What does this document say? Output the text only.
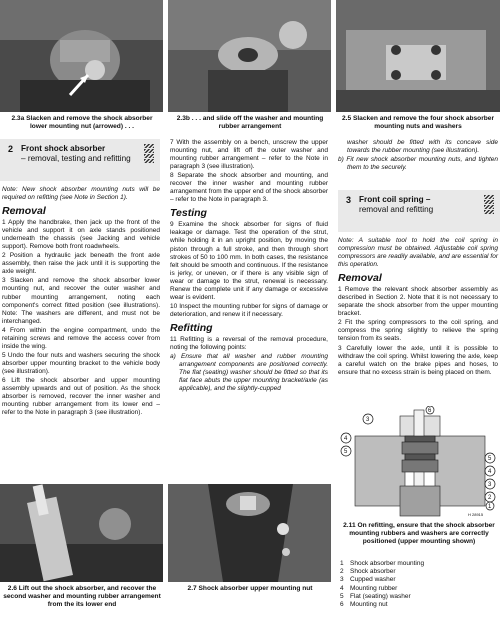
2.3a Slacken and remove the shock absorber lower mounting nut (arrowed) . . .
2.3b . . . and slide off the washer and mounting rubber arrangement
2.5 Slacken and remove the four shock absorber mounting nuts and washers
2 Front shock absorber
– removal, testing and refitting

Note: New shock absorber mounting nuts will be required on refitting (see Note in Section 1).

Removal

1 Apply the handbrake, then jack up the front of the vehicle and support it on axle stands positioned underneath the chassis (see Jacking and vehicle support). Remove both front roadwheels.

2 Position a hydraulic jack beneath the front axle assembly, then raise the jack until it is supporting the axle weight.

3 Slacken and remove the shock absorber lower mounting nut, and recover the outer washer and rubber mounting arrangement, noting each component's correct fitted position (see illustrations). Note: The washers are different, and must not be interchanged.

4 From within the engine compartment, undo the retaining screws and remove the access cover from inside the wing.

5 Undo the four nuts and washers securing the shock absorber upper mounting bracket to the vehicle body (see illustration).

6 Lift the shock absorber and upper mounting assembly upwards and out of position. As the shock absorber is removed, recover the inner washer and mounting rubber arrangement from its lower end – refer to the Note in paragraph 3 (see illustration).

7 With the assembly on a bench, unscrew the upper mounting nut, and lift off the outer washer and mounting rubber arrangement – refer to the Note in paragraph 3 (see illustration).

8 Separate the shock absorber and mounting, and recover the inner washer and mounting rubber arrangement from the upper end of the shock absorber – refer to the Note in paragraph 3.

Testing

9 Examine the shock absorber for signs of fluid leakage or damage. Test the operation of the strut, while holding it in an upright position, by moving the piston through a full stroke, and then through short strokes of 50 to 100 mm. In both cases, the resistance felt should be smooth and continuous. If the resistance is jerky, or uneven, or if there is any visible sign of wear or damage to the strut, renewal is necessary. Renew the complete unit if any damage or excessive wear is evident.

10 Inspect the mounting rubber for signs of damage or deterioration, and renew it if necessary.

Refitting

11 Refitting is a reversal of the removal procedure, noting the following points:

a) Ensure that all washer and rubber mounting arrangement components are positioned correctly. The flat (seating) washer should be fitted so that its flat face abuts the upper mounting bracket/axle (as applicable), and the slightly-cupped

washer should be fitted with its concave side towards the rubber mounting (see illustration).

b) Fit new shock absorber mounting nuts, and tighten them to the securely.
3 Front coil spring –
removal and refitting

Note: A suitable tool to hold the coil spring in compression must be obtained. Adjustable coil spring compressors are readily available, and are essential for this operation.

Removal

1 Remove the relevant shock absorber assembly as described in Section 2. Note that it is not necessary to separate the shock absorber from the upper mounting bracket.

2 Fit the spring compressors to the coil spring, and compress the spring slightly to relieve the spring tension from its seats.

3 Carefully lower the axle, until it is possible to withdraw the coil spring. Whilst lowering the axle, keep a careful watch on the brake pipes and hoses, to ensure that no excess strain is being placed on them.

3
6
4
5
5
4
3
2
1
H 28915
2.11 On refitting, ensure that the shock absorber mounting rubbers and washers are correctly positioned (upper mounting shown)
1 Shock absorber mounting
2 Shock absorber
3 Cupped washer
4 Mounting rubber
5 Flat (seating) washer
6 Mounting nut
2.6 Lift out the shock absorber, and recover the second washer and mounting rubber arrangement from the its lower end
2.7 Shock absorber upper mounting nut
